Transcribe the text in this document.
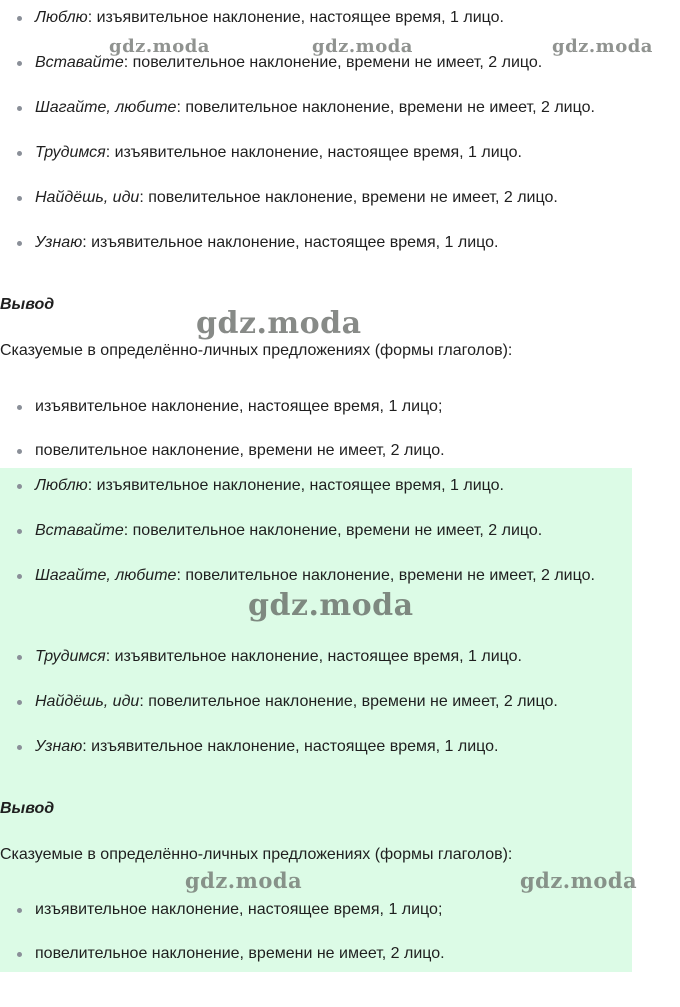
Люблю: изъявительное наклонение, настоящее время, 1 лицо.
Вставайте: повелительное наклонение, времени не имеет, 2 лицо.
Шагайте, любите: повелительное наклонение, времени не имеет, 2 лицо.
Трудимся: изъявительное наклонение, настоящее время, 1 лицо.
Найдёшь, иди: повелительное наклонение, времени не имеет, 2 лицо.
Узнаю: изъявительное наклонение, настоящее время, 1 лицо.
Вывод
Сказуемые в определённо-личных предложениях (формы глаголов):
изъявительное наклонение, настоящее время, 1 лицо;
повелительное наклонение, времени не имеет, 2 лицо.
Люблю: изъявительное наклонение, настоящее время, 1 лицо.
Вставайте: повелительное наклонение, времени не имеет, 2 лицо.
Шагайте, любите: повелительное наклонение, времени не имеет, 2 лицо.
Трудимся: изъявительное наклонение, настоящее время, 1 лицо.
Найдёшь, иди: повелительное наклонение, времени не имеет, 2 лицо.
Узнаю: изъявительное наклонение, настоящее время, 1 лицо.
Вывод
Сказуемые в определённо-личных предложениях (формы глаголов):
изъявительное наклонение, настоящее время, 1 лицо;
повелительное наклонение, времени не имеет, 2 лицо.
gdz.moda	gdz.moda	gdz.moda
gdz.moda
gdz.moda
gdz.moda	gdz.moda
